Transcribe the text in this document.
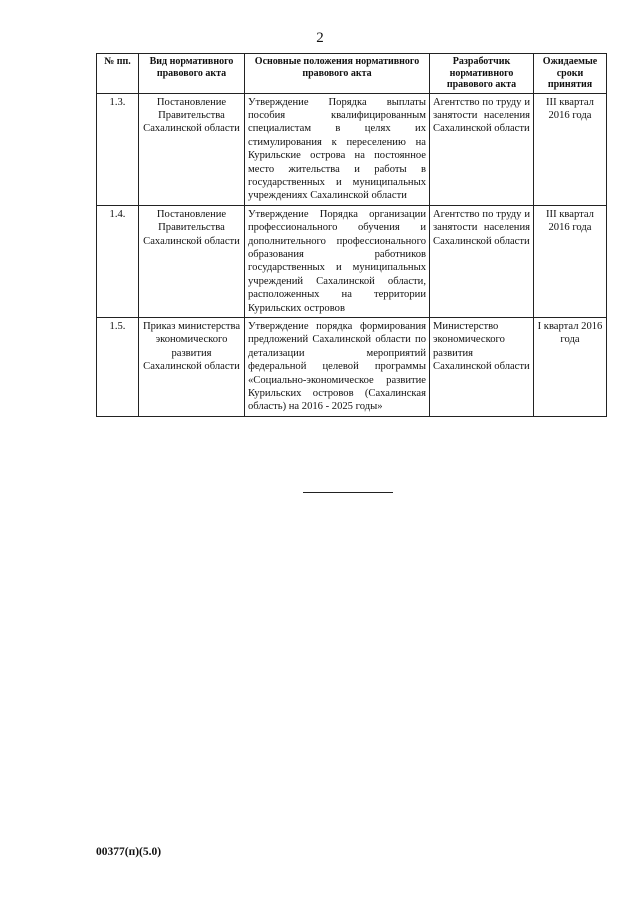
2
№ пп.	Вид нормативного правового акта	Основные положения нормативного правового акта	Разработчик нормативного правового акта	Ожидаемые сроки принятия
1.3.	Постановление Правительства Сахалинской области	Утверждение Порядка выплаты пособия квалифицированным специалистам в целях их стимулирования к переселению на Курильские острова на постоянное место жительства и работы в государственных и муниципальных учреждениях Сахалинской области	Агентство по труду и занятости населения Сахалинской области	III квартал 2016 года
1.4.	Постановление Правительства Сахалинской области	Утверждение Порядка организации профессионального обучения и дополнительного профессионального образования работников государственных и муниципальных учреждений Сахалинской области, расположенных на территории Курильских островов	Агентство по труду и занятости населения Сахалинской области	III квартал 2016 года
1.5.	Приказ министерства экономического развития Сахалинской области	Утверждение порядка формирования предложений Сахалинской области по детализации мероприятий федеральной целевой программы «Социально-экономическое развитие Курильских островов (Сахалинская область) на 2016 - 2025 годы»	Министерство экономического развития Сахалинской области	I квартал 2016 года
00377(п)(5.0)
